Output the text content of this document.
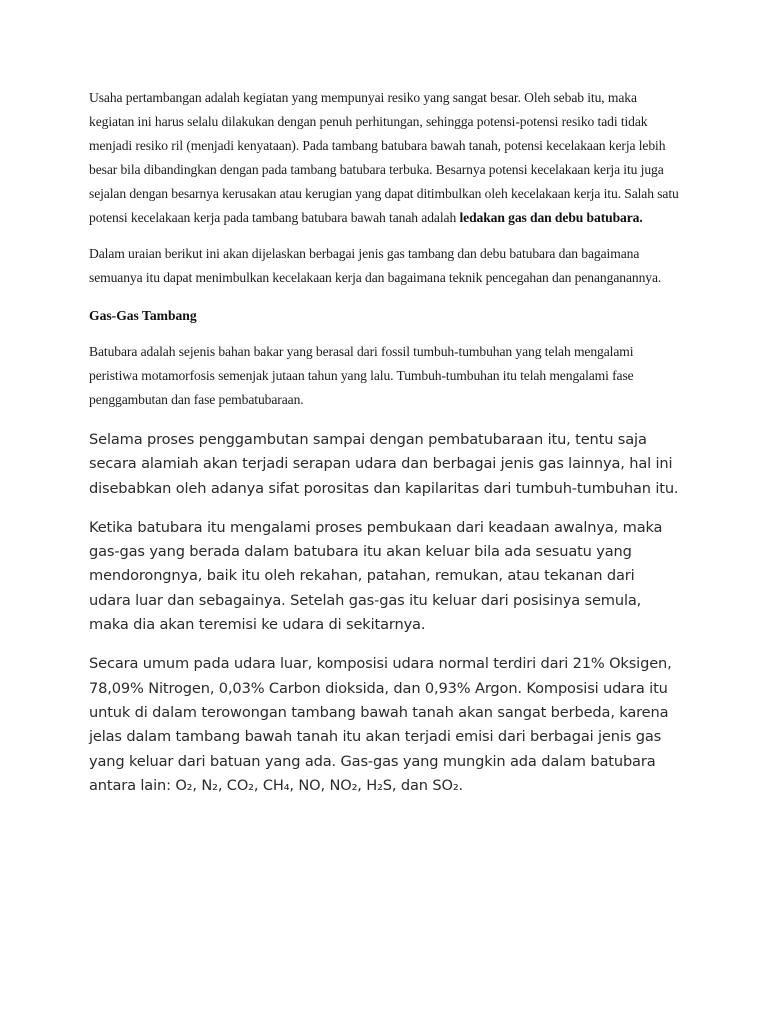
Usaha pertambangan adalah kegiatan yang mempunyai resiko yang sangat besar. Oleh sebab itu, maka kegiatan ini harus selalu dilakukan dengan penuh perhitungan, sehingga potensi-potensi resiko tadi tidak menjadi resiko ril (menjadi kenyataan). Pada tambang batubara bawah tanah, potensi kecelakaan kerja lebih besar bila dibandingkan dengan pada tambang batubara terbuka. Besarnya potensi kecelakaan kerja itu juga sejalan dengan besarnya kerusakan atau kerugian yang dapat ditimbulkan oleh kecelakaan kerja itu. Salah satu potensi kecelakaan kerja pada tambang batubara bawah tanah adalah ledakan gas dan debu batubara.

Dalam uraian berikut ini akan dijelaskan berbagai jenis gas tambang dan debu batubara dan bagaimana semuanya itu dapat menimbulkan kecelakaan kerja dan bagaimana teknik pencegahan dan penanganannya.

Gas-Gas Tambang

Batubara adalah sejenis bahan bakar yang berasal dari fossil tumbuh-tumbuhan yang telah mengalami peristiwa motamorfosis semenjak jutaan tahun yang lalu. Tumbuh-tumbuhan itu telah mengalami fase penggambutan dan fase pembatubaraan.

Selama proses penggambutan sampai dengan pembatubaraan itu, tentu saja secara alamiah akan terjadi serapan udara dan berbagai jenis gas lainnya, hal ini disebabkan oleh adanya sifat porositas dan kapilaritas dari tumbuh-tumbuhan itu.

Ketika batubara itu mengalami proses pembukaan dari keadaan awalnya, maka gas-gas yang berada dalam batubara itu akan keluar bila ada sesuatu yang mendorongnya, baik itu oleh rekahan, patahan, remukan, atau tekanan dari udara luar dan sebagainya. Setelah gas-gas itu keluar dari posisinya semula, maka dia akan teremisi ke udara di sekitarnya.

Secara umum pada udara luar, komposisi udara normal terdiri dari 21% Oksigen, 78,09% Nitrogen, 0,03% Carbon dioksida, dan 0,93% Argon. Komposisi udara itu untuk di dalam terowongan tambang bawah tanah akan sangat berbeda, karena jelas dalam tambang bawah tanah itu akan terjadi emisi dari berbagai jenis gas yang keluar dari batuan yang ada. Gas-gas yang mungkin ada dalam batubara antara lain: O₂, N₂, CO₂, CH₄, NO, NO₂, H₂S, dan SO₂.
